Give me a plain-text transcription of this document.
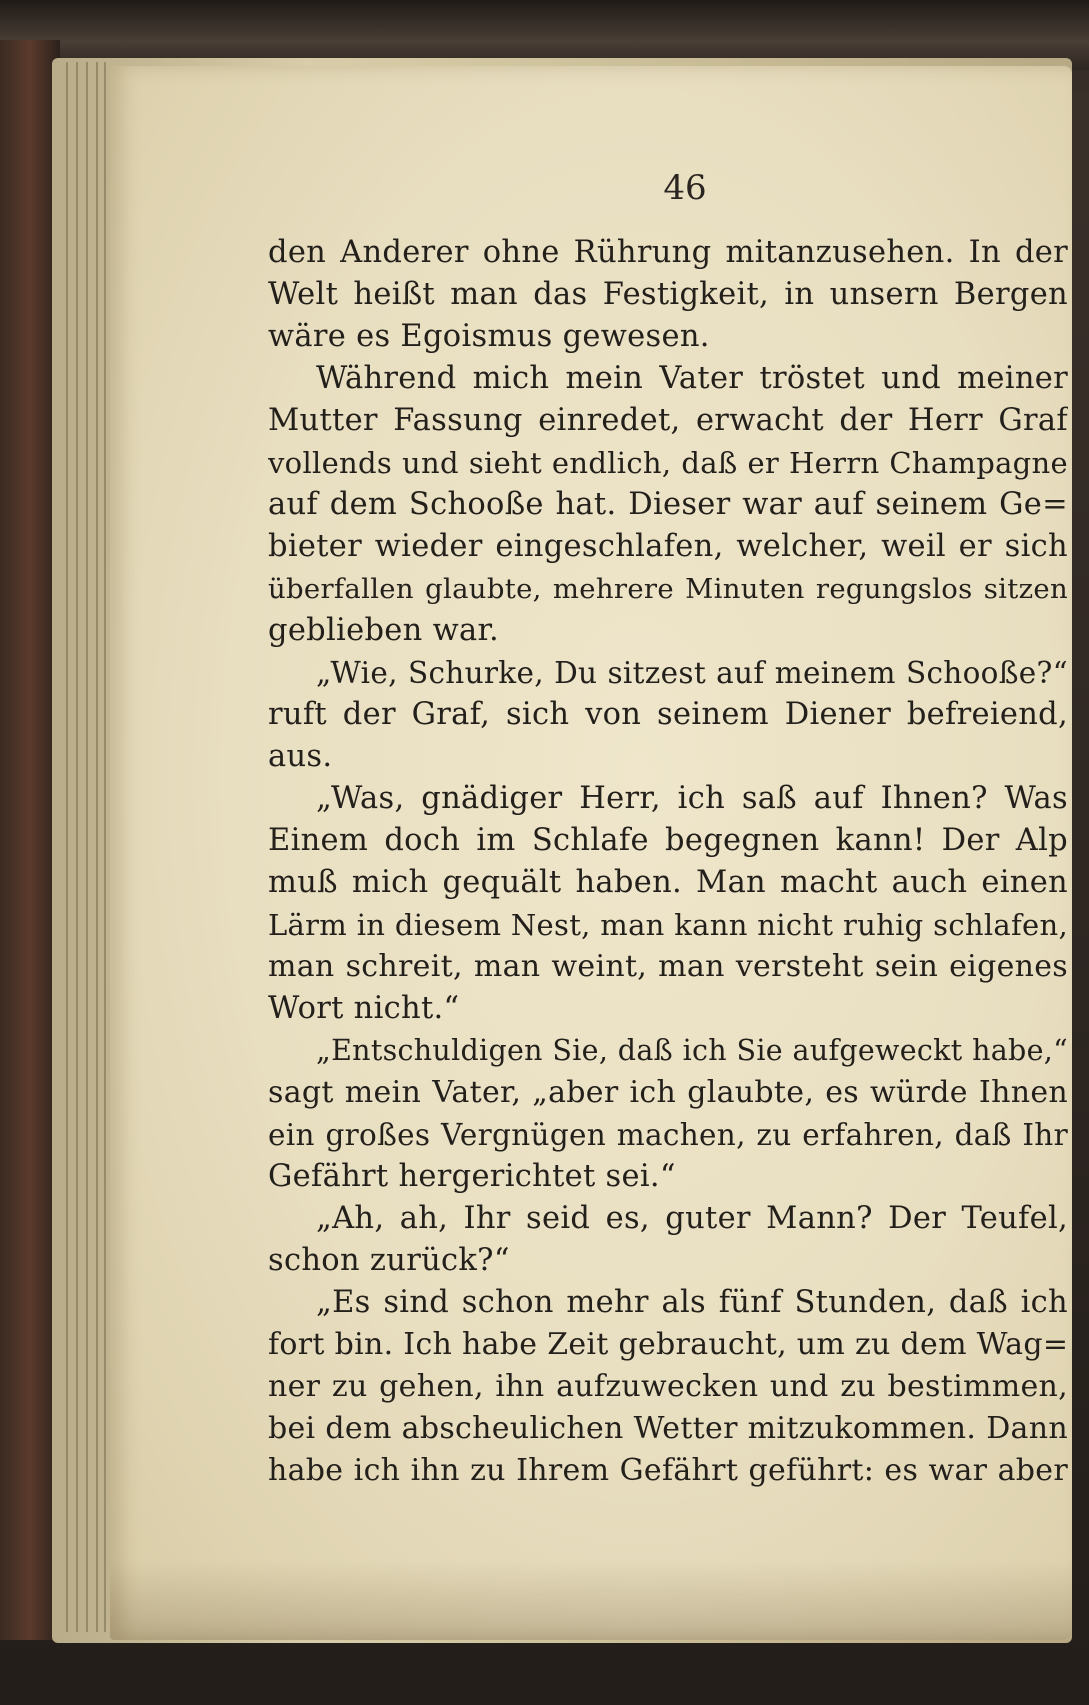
46
den Anderer ohne Rührung mitanzusehen. In der
Welt heißt man das Festigkeit, in unsern Bergen
wäre es Egoismus gewesen.
Während mich mein Vater tröstet und meiner
Mutter Fassung einredet, erwacht der Herr Graf
vollends und sieht endlich, daß er Herrn Champagne
auf dem Schooße hat. Dieser war auf seinem Ge=
bieter wieder eingeschlafen, welcher, weil er sich
überfallen glaubte, mehrere Minuten regungslos sitzen
geblieben war.
„Wie, Schurke, Du sitzest auf meinem Schooße?“
ruft der Graf, sich von seinem Diener befreiend,
aus.
„Was, gnädiger Herr, ich saß auf Ihnen? Was
Einem doch im Schlafe begegnen kann! Der Alp
muß mich gequält haben. Man macht auch einen
Lärm in diesem Nest, man kann nicht ruhig schlafen,
man schreit, man weint, man versteht sein eigenes
Wort nicht.“
„Entschuldigen Sie, daß ich Sie aufgeweckt habe,“
sagt mein Vater, „aber ich glaubte, es würde Ihnen
ein großes Vergnügen machen, zu erfahren, daß Ihr
Gefährt hergerichtet sei.“
„Ah, ah, Ihr seid es, guter Mann? Der Teufel,
schon zurück?“
„Es sind schon mehr als fünf Stunden, daß ich
fort bin. Ich habe Zeit gebraucht, um zu dem Wag=
ner zu gehen, ihn aufzuwecken und zu bestimmen,
bei dem abscheulichen Wetter mitzukommen. Dann
habe ich ihn zu Ihrem Gefährt geführt: es war aber
